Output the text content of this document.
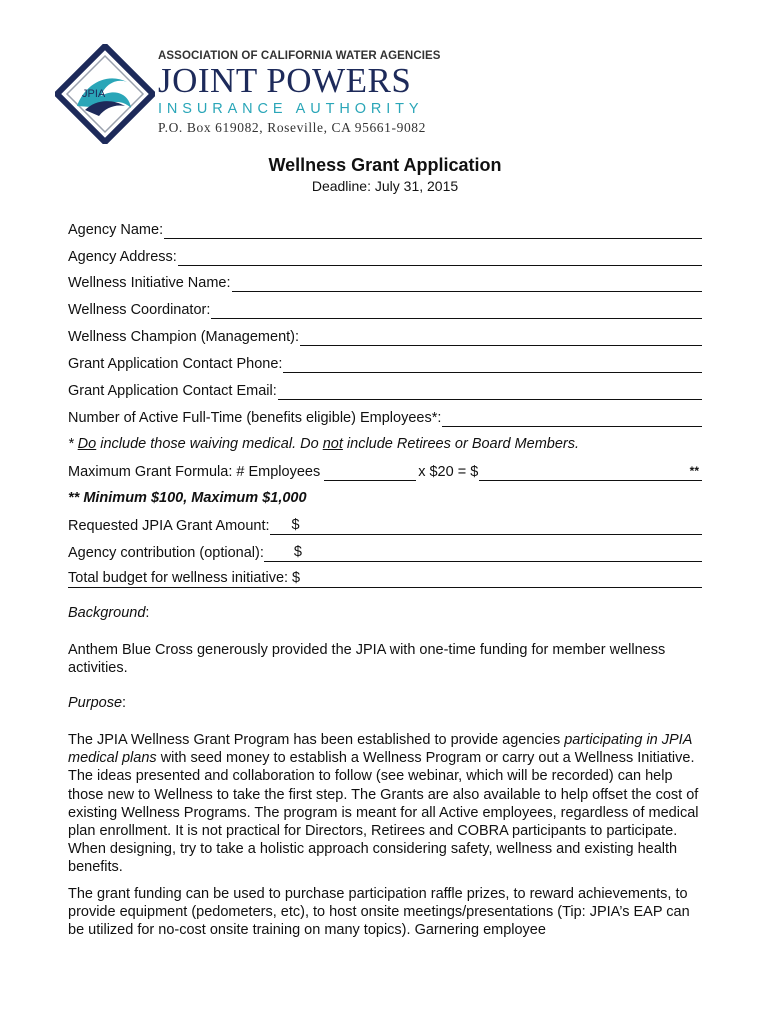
JPIA
ASSOCIATION OF CALIFORNIA WATER AGENCIES
JOINT POWERS
INSURANCE AUTHORITY
P.O. Box 619082, Roseville, CA 95661-9082
Wellness Grant Application
Deadline: July 31, 2015
Agency Name:
Agency Address:
Wellness Initiative Name:
Wellness Coordinator:
Wellness Champion (Management):
Grant Application Contact Phone:
Grant Application Contact Email:
Number of Active Full-Time (benefits eligible) Employees*:
* Do include those waiving medical. Do not include Retirees or Board Members.
Maximum Grant Formula: # Employees	x $20 = $	**
** Minimum $100, Maximum $1,000
Requested JPIA Grant Amount: $
Agency contribution (optional): $
Total budget for wellness initiative: $
Background:
Anthem Blue Cross generously provided the JPIA with one-time funding for member wellness activities.
Purpose:
The JPIA Wellness Grant Program has been established to provide agencies participating in JPIA medical plans with seed money to establish a Wellness Program or carry out a Wellness Initiative. The ideas presented and collaboration to follow (see webinar, which will be recorded) can help those new to Wellness to take the first step. The Grants are also available to help offset the cost of existing Wellness Programs. The program is meant for all Active employees, regardless of medical plan enrollment. It is not practical for Directors, Retirees and COBRA participants to participate. When designing, try to take a holistic approach considering safety, wellness and existing health benefits.
The grant funding can be used to purchase participation raffle prizes, to reward achievements, to provide equipment (pedometers, etc), to host onsite meetings/presentations (Tip: JPIA’s EAP can be utilized for no-cost onsite training on many topics). Garnering employee
